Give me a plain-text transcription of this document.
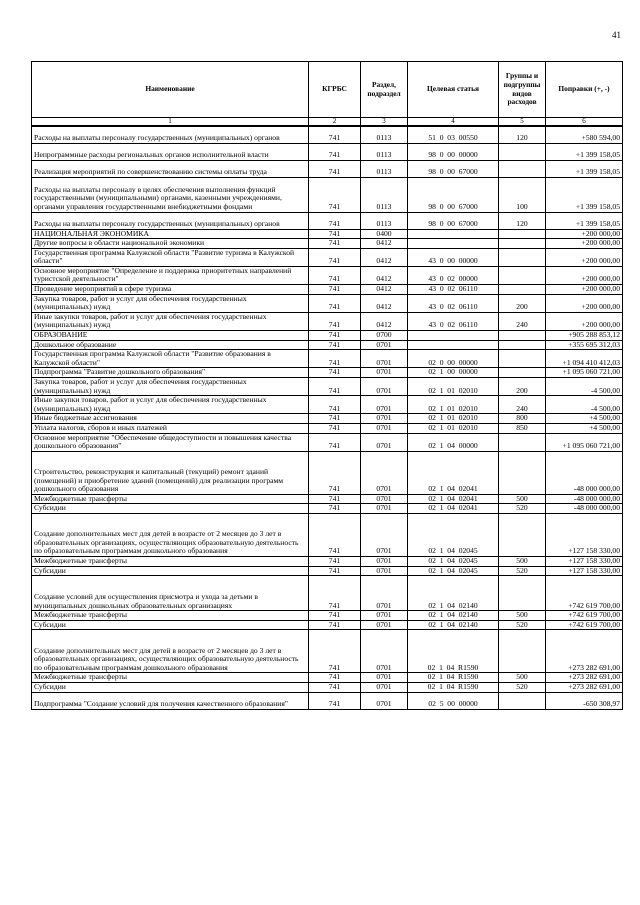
41
Наименование	КГРБС	Раздел, подраздел	Целевая статья	Группы и подгруппы видов расходов	Поправки (+, -)
1	2	3	4	5	6
Расходы на выплаты персоналу государственных (муниципальных) органов	741	0113	51  0  03  00550	120	+580 594,00
Непрограммные расходы региональных органов исполнительной власти	741	0113	98  0  00  00000		+1 399 158,05
Реализация мероприятий по совершенствованию системы оплаты труда	741	0113	98  0  00  67000		+1 399 158,05
Расходы на выплаты персоналу в целях обеспечения выполнения функций государственными (муниципальными) органами, казенными учреждениями, органами управления государственными внебюджетными фондами	741	0113	98  0  00  67000	100	+1 399 158,05
Расходы на выплаты персоналу государственных (муниципальных) органов	741	0113	98  0  00  67000	120	+1 399 158,05
НАЦИОНАЛЬНАЯ ЭКОНОМИКА	741	0400			+200 000,00
Другие вопросы в области национальной экономики	741	0412			+200 000,00
Государственная программа Калужской области "Развитие туризма в Калужской области"	741	0412	43  0  00  00000		+200 000,00
Основное мероприятие "Определение и поддержка приоритетных направлений туристской деятельности"	741	0412	43  0  02  00000		+200 000,00
Проведение мероприятий в сфере туризма	741	0412	43  0  02  06110		+200 000,00
Закупка товаров, работ и услуг для обеспечения государственных (муниципальных) нужд	741	0412	43  0  02  06110	200	+200 000,00
Иные закупки товаров, работ и услуг для обеспечения государственных (муниципальных) нужд	741	0412	43  0  02  06110	240	+200 000,00
ОБРАЗОВАНИЕ	741	0700			+905 288 853,12
Дошкольное образование	741	0701			+355 695 312,03
Государственная программа Калужской области "Развитие образования в Калужской области"	741	0701	02  0  00  00000		+1 094 410 412,03
Подпрограмма "Развитие дошкольного образования"	741	0701	02  1  00  00000		+1 095 060 721,00
Закупка товаров, работ и услуг для обеспечения государственных (муниципальных) нужд	741	0701	02  1  01  02010	200	-4 500,00
Иные закупки товаров, работ и услуг для обеспечения государственных (муниципальных) нужд	741	0701	02  1  01  02010	240	-4 500,00
Иные бюджетные ассигнования	741	0701	02  1  01  02010	800	+4 500,00
Уплата налогов, сборов и иных платежей	741	0701	02  1  01  02010	850	+4 500,00
Основное мероприятие "Обеспечение общедоступности и повышения качества дошкольного образования"	741	0701	02  1  04  00000		+1 095 060 721,00
Строительство, реконструкция и капитальный (текущий) ремонт зданий (помещений) и приобретение зданий (помещений) для реализации программ дошкольного образования	741	0701	02  1  04  02041		-48 000 000,00
Межбюджетные трансферты	741	0701	02  1  04  02041	500	-48 000 000,00
Субсидии	741	0701	02  1  04  02041	520	-48 000 000,00
Создание дополнительных мест для детей в возрасте от 2 месяцев до 3 лет в образовательных организациях, осуществляющих образовательную деятельность по образовательным программам дошкольного образования	741	0701	02  1  04  02045		+127 158 330,00
Межбюджетные трансферты	741	0701	02  1  04  02045	500	+127 158 330,00
Субсидии	741	0701	02  1  04  02045	520	+127 158 330,00
Создание условий для осуществления присмотра и ухода за детьми в муниципальных дошкольных образовательных организациях	741	0701	02  1  04  02140		+742 619 700,00
Межбюджетные трансферты	741	0701	02  1  04  02140	500	+742 619 700,00
Субсидии	741	0701	02  1  04  02140	520	+742 619 700,00
Создание дополнительных мест для детей в возрасте от 2 месяцев до 3 лет в образовательных организациях, осуществляющих образовательную деятельность по образовательным программам дошкольного образования	741	0701	02  1  04  R1590		+273 282 691,00
Межбюджетные трансферты	741	0701	02  1  04  R1590	500	+273 282 691,00
Субсидии	741	0701	02  1  04  R1590	520	+273 282 691,00
Подпрограмма "Создание условий для получения качественного образования"	741	0701	02  5  00  00000		-650 308,97
